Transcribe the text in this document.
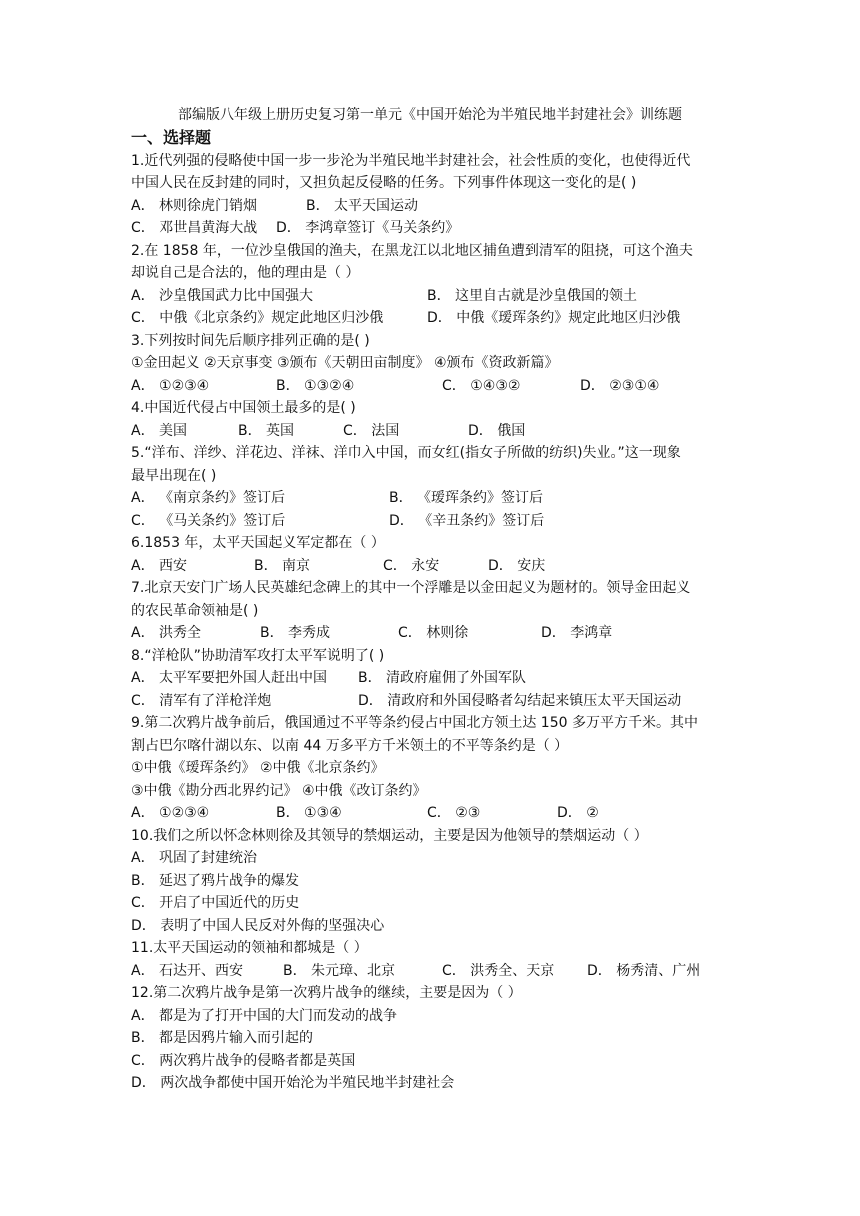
部编版八年级上册历史复习第一单元《中国开始沦为半殖民地半封建社会》训练题
一、选择题
1.近代列强的侵略使中国一步一步沦为半殖民地半封建社会，社会性质的变化，也使得近代
中国人民在反封建的同时，又担负起反侵略的任务。下列事件体现这一变化的是( )
A． 林则徐虎门销烟	B． 太平天国运动
C． 邓世昌黄海大战 D． 李鸿章签订《马关条约》
2.在 1858 年，一位沙皇俄国的渔夫，在黑龙江以北地区捕鱼遭到清军的阻挠，可这个渔夫
却说自己是合法的，他的理由是（ ）
A． 沙皇俄国武力比中国强大	B． 这里自古就是沙皇俄国的领土
C． 中俄《北京条约》规定此地区归沙俄	D． 中俄《瑷珲条约》规定此地区归沙俄
3.下列按时间先后顺序排列正确的是( )
①金田起义 ②天京事变 ③颁布《天朝田亩制度》 ④颁布《资政新篇》
A． ①②③④	B． ①③②④	C． ①④③②	D． ②③①④
4.中国近代侵占中国领土最多的是( )
A． 美国	B． 英国	C． 法国	D． 俄国
5.“洋布、洋纱、洋花边、洋袜、洋巾入中国，而女红(指女子所做的纺织)失业。”这一现象
最早出现在( )
A． 《南京条约》签订后	B． 《瑷珲条约》签订后
C． 《马关条约》签订后	D． 《辛丑条约》签订后
6.1853 年，太平天国起义军定都在（ ）
A． 西安	B． 南京	C． 永安	D． 安庆
7.北京天安门广场人民英雄纪念碑上的其中一个浮雕是以金田起义为题材的。领导金田起义
的农民革命领袖是( )
A． 洪秀全	B． 李秀成	C． 林则徐	D． 李鸿章
8.“洋枪队”协助清军攻打太平军说明了( )
A． 太平军要把外国人赶出中国 B． 清政府雇佣了外国军队
C． 清军有了洋枪洋炮	D． 清政府和外国侵略者勾结起来镇压太平天国运动
9.第二次鸦片战争前后，俄国通过不平等条约侵占中国北方领土达 150 多万平方千米。其中
割占巴尔喀什湖以东、以南 44 万多平方千米领土的不平等条约是（ ）
①中俄《瑷珲条约》 ②中俄《北京条约》
③中俄《勘分西北界约记》 ④中俄《改订条约》
A． ①②③④	B． ①③④	C． ②③	D． ②
10.我们之所以怀念林则徐及其领导的禁烟运动，主要是因为他领导的禁烟运动（ ）
A． 巩固了封建统治
B． 延迟了鸦片战争的爆发
C． 开启了中国近代的历史
D． 表明了中国人民反对外侮的坚强决心
11.太平天国运动的领袖和都城是（ ）
A． 石达开、西安	B． 朱元璋、北京	C． 洪秀全、天京 D． 杨秀清、广州
12.第二次鸦片战争是第一次鸦片战争的继续，主要是因为（ ）
A． 都是为了打开中国的大门而发动的战争
B． 都是因鸦片输入而引起的
C． 两次鸦片战争的侵略者都是英国
D． 两次战争都使中国开始沦为半殖民地半封建社会
